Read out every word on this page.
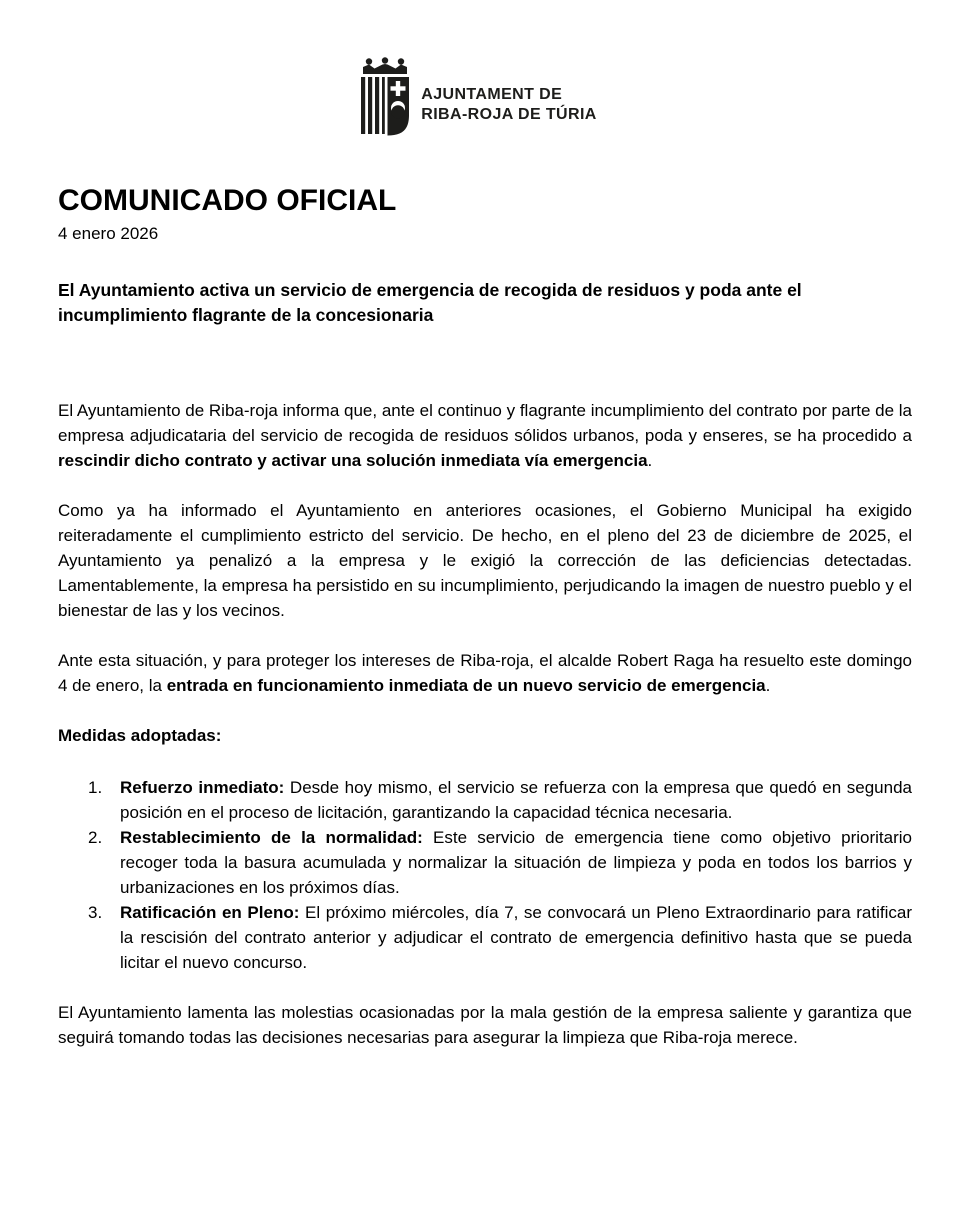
AJUNTAMENT DE
RIBA-ROJA DE TÚRIA
COMUNICADO OFICIAL
4 enero 2026
El Ayuntamiento activa un servicio de emergencia de recogida de residuos y poda ante el incumplimiento flagrante de la concesionaria

El Ayuntamiento de Riba-roja informa que, ante el continuo y flagrante incumplimiento del contrato por parte de la empresa adjudicataria del servicio de recogida de residuos sólidos urbanos, poda y enseres, se ha procedido a rescindir dicho contrato y activar una solución inmediata vía emergencia.

Como ya ha informado el Ayuntamiento en anteriores ocasiones, el Gobierno Municipal ha exigido reiteradamente el cumplimiento estricto del servicio. De hecho, en el pleno del 23 de diciembre de 2025, el Ayuntamiento ya penalizó a la empresa y le exigió la corrección de las deficiencias detectadas. Lamentablemente, la empresa ha persistido en su incumplimiento, perjudicando la imagen de nuestro pueblo y el bienestar de las y los vecinos.

Ante esta situación, y para proteger los intereses de Riba-roja, el alcalde Robert Raga ha resuelto este domingo 4 de enero, la entrada en funcionamiento inmediata de un nuevo servicio de emergencia.

Medidas adoptadas:

1.	Refuerzo inmediato: Desde hoy mismo, el servicio se refuerza con la empresa que quedó en segunda posición en el proceso de licitación, garantizando la capacidad técnica necesaria.
2.	Restablecimiento de la normalidad: Este servicio de emergencia tiene como objetivo prioritario recoger toda la basura acumulada y normalizar la situación de limpieza y poda en todos los barrios y urbanizaciones en los próximos días.
3.	Ratificación en Pleno: El próximo miércoles, día 7, se convocará un Pleno Extraordinario para ratificar la rescisión del contrato anterior y adjudicar el contrato de emergencia definitivo hasta que se pueda licitar el nuevo concurso.

El Ayuntamiento lamenta las molestias ocasionadas por la mala gestión de la empresa saliente y garantiza que seguirá tomando todas las decisiones necesarias para asegurar la limpieza que Riba-roja merece.
